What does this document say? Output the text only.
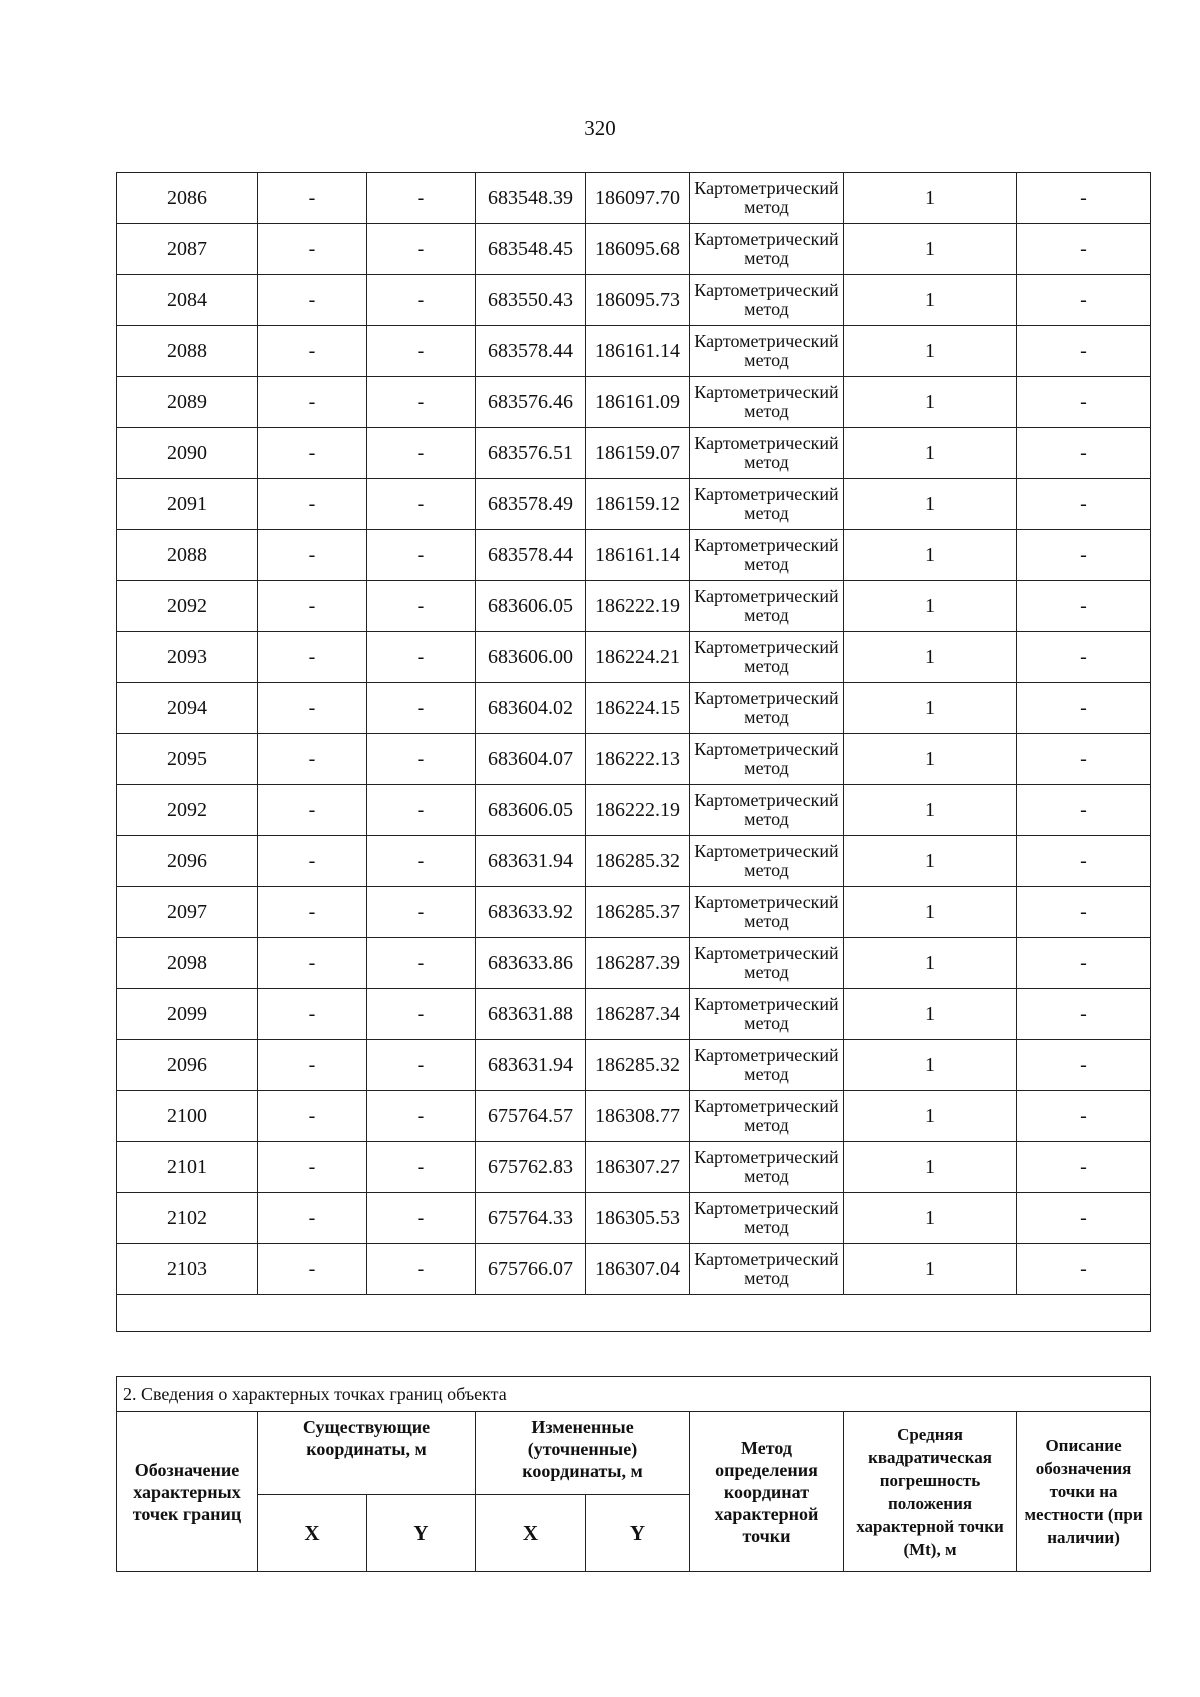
320
2086	-	-	683548.39	186097.70	Картометрический метод	1	-
2087	-	-	683548.45	186095.68	Картометрический метод	1	-
2084	-	-	683550.43	186095.73	Картометрический метод	1	-
2088	-	-	683578.44	186161.14	Картометрический метод	1	-
2089	-	-	683576.46	186161.09	Картометрический метод	1	-
2090	-	-	683576.51	186159.07	Картометрический метод	1	-
2091	-	-	683578.49	186159.12	Картометрический метод	1	-
2088	-	-	683578.44	186161.14	Картометрический метод	1	-
2092	-	-	683606.05	186222.19	Картометрический метод	1	-
2093	-	-	683606.00	186224.21	Картометрический метод	1	-
2094	-	-	683604.02	186224.15	Картометрический метод	1	-
2095	-	-	683604.07	186222.13	Картометрический метод	1	-
2092	-	-	683606.05	186222.19	Картометрический метод	1	-
2096	-	-	683631.94	186285.32	Картометрический метод	1	-
2097	-	-	683633.92	186285.37	Картометрический метод	1	-
2098	-	-	683633.86	186287.39	Картометрический метод	1	-
2099	-	-	683631.88	186287.34	Картометрический метод	1	-
2096	-	-	683631.94	186285.32	Картометрический метод	1	-
2100	-	-	675764.57	186308.77	Картометрический метод	1	-
2101	-	-	675762.83	186307.27	Картометрический метод	1	-
2102	-	-	675764.33	186305.53	Картометрический метод	1	-
2103	-	-	675766.07	186307.04	Картометрический метод	1	-

2. Сведения о характерных точках границ объекта							
Обозначение характерных точек границ	Существующие координаты, м		Измененные (уточненные) координаты, м		Метод определения координат характерной точки	Средняя квадратическая погрешность положения характерной точки (Mt), м	Описание обозначения точки на местности (при наличии)
	X	Y	X	Y			
